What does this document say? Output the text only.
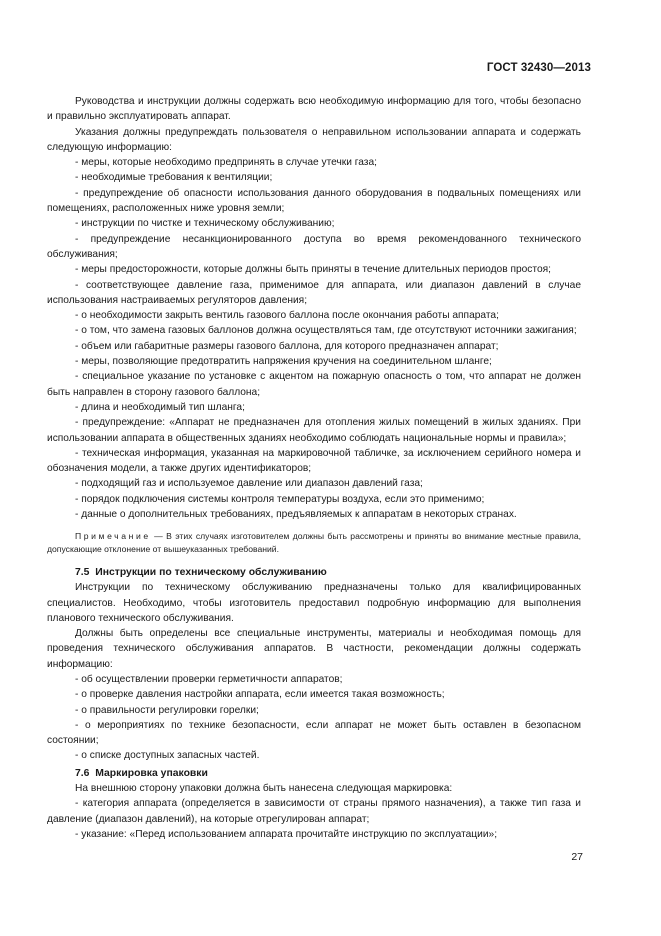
ГОСТ 32430—2013

Руководства и инструкции должны содержать всю необходимую информацию для того, чтобы безопасно и правильно эксплуатировать аппарат.

Указания должны предупреждать пользователя о неправильном использовании аппарата и содержать следующую информацию:

- меры, которые необходимо предпринять в случае утечки газа;

- необходимые требования к вентиляции;

- предупреждение об опасности использования данного оборудования в подвальных помещениях или помещениях, расположенных ниже уровня земли;

- инструкции по чистке и техническому обслуживанию;

- предупреждение несанкционированного доступа во время рекомендованного технического обслуживания;

- меры предосторожности, которые должны быть приняты в течение длительных периодов простоя;

- соответствующее давление газа, применимое для аппарата, или диапазон давлений в случае использования настраиваемых регуляторов давления;

- о необходимости закрыть вентиль газового баллона после окончания работы аппарата;

- о том, что замена газовых баллонов должна осуществляться там, где отсутствуют источники зажигания;

- объем или габаритные размеры газового баллона, для которого предназначен аппарат;

- меры, позволяющие предотвратить напряжения кручения на соединительном шланге;

- специальное указание по установке с акцентом на пожарную опасность о том, что аппарат не должен быть направлен в сторону газового баллона;

- длина и необходимый тип шланга;

- предупреждение: «Аппарат не предназначен для отопления жилых помещений в жилых зданиях. При использовании аппарата в общественных зданиях необходимо соблюдать национальные нормы и правила»;

- техническая информация, указанная на маркировочной табличке, за исключением серийного номера и обозначения модели, а также других идентификаторов;

- подходящий газ и используемое давление или диапазон давлений газа;

- порядок подключения системы контроля температуры воздуха, если это применимо;

- данные о дополнительных требованиях, предъявляемых к аппаратам в некоторых странах.

Примечание — В этих случаях изготовителем должны быть рассмотрены и приняты во внимание местные правила, допускающие отклонение от вышеуказанных требований.

7.5 Инструкции по техническому обслуживанию

Инструкции по техническому обслуживанию предназначены только для квалифицированных специалистов. Необходимо, чтобы изготовитель предоставил подробную информацию для выполнения планового технического обслуживания.

Должны быть определены все специальные инструменты, материалы и необходимая помощь для проведения технического обслуживания аппаратов. В частности, рекомендации должны содержать информацию:

- об осуществлении проверки герметичности аппаратов;

- о проверке давления настройки аппарата, если имеется такая возможность;

- о правильности регулировки горелки;

- о мероприятиях по технике безопасности, если аппарат не может быть оставлен в безопасном состоянии;

- о списке доступных запасных частей.

7.6 Маркировка упаковки

На внешнюю сторону упаковки должна быть нанесена следующая маркировка:

- категория аппарата (определяется в зависимости от страны прямого назначения), а также тип газа и давление (диапазон давлений), на которые отрегулирован аппарат;

- указание: «Перед использованием аппарата прочитайте инструкцию по эксплуатации»;

27
